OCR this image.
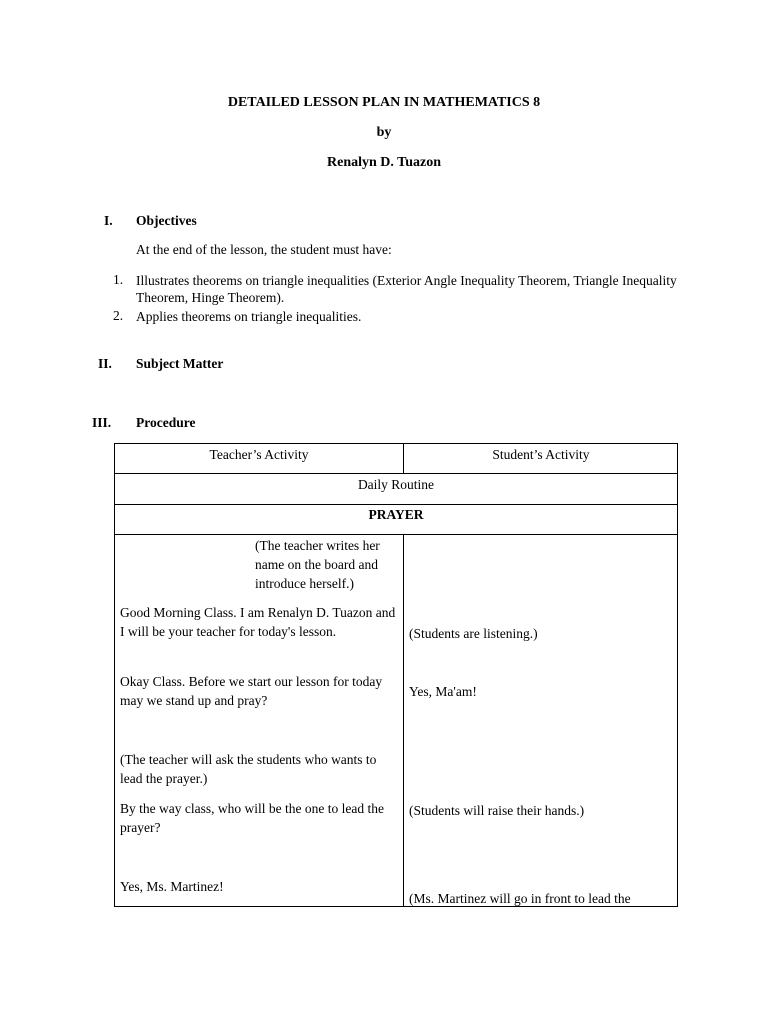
DETAILED LESSON PLAN IN MATHEMATICS 8
by
Renalyn D. Tuazon
I. Objectives
At the end of the lesson, the student must have:
1. Illustrates theorems on triangle inequalities (Exterior Angle Inequality Theorem, Triangle Inequality Theorem, Hinge Theorem).
2. Applies theorems on triangle inequalities.
II. Subject Matter
III. Procedure
Teacher’s Activity	Student’s Activity
Daily Routine
PRAYER
(The teacher writes her name on the board and introduce herself.)
Good Morning Class. I am Renalyn D. Tuazon and I will be your teacher for today's lesson.
Okay Class. Before we start our lesson for today may we stand up and pray?
(The teacher will ask the students who wants to lead the prayer.)
By the way class, who will be the one to lead the prayer?
Yes, Ms. Martinez!
(Students are listening.)
Yes, Ma'am!
(Students will raise their hands.)
(Ms. Martinez will go in front to lead the
